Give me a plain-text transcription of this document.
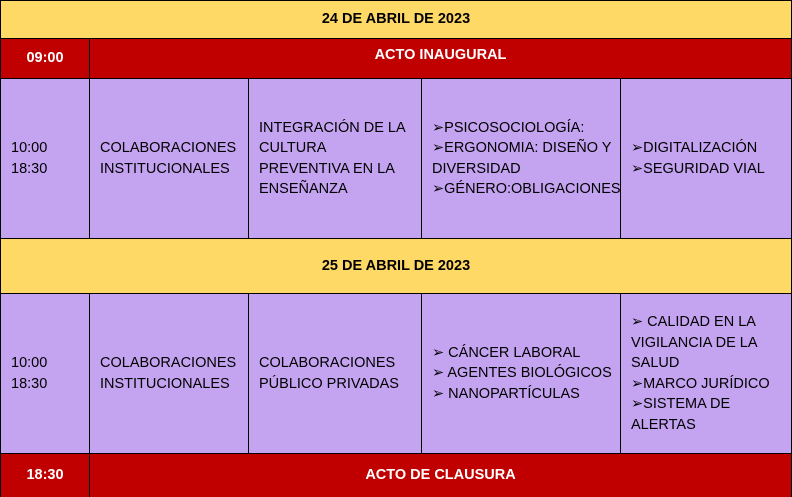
24 DE ABRIL DE 2023
09:00	ACTO INAUGURAL
10:00
18:30
COLABORACIONES
INSTITUCIONALES
INTEGRACIÓN DE LA
CULTURA
PREVENTIVA EN LA
ENSEÑANZA
➢PSICOSOCIOLOGÍA:
➢ERGONOMIA: DISEÑO Y
DIVERSIDAD
➢GÉNERO:OBLIGACIONES
➢DIGITALIZACIÓN
➢SEGURIDAD VIAL
25 DE ABRIL DE 2023
10:00
18:30
COLABORACIONES
INSTITUCIONALES
COLABORACIONES
PÚBLICO PRIVADAS
➢ CÁNCER LABORAL
➢ AGENTES BIOLÓGICOS
➢ NANOPARTÍCULAS
➢ CALIDAD EN LA
VIGILANCIA DE LA
SALUD
➢MARCO JURÍDICO
➢SISTEMA DE
ALERTAS
18:30	ACTO DE CLAUSURA
